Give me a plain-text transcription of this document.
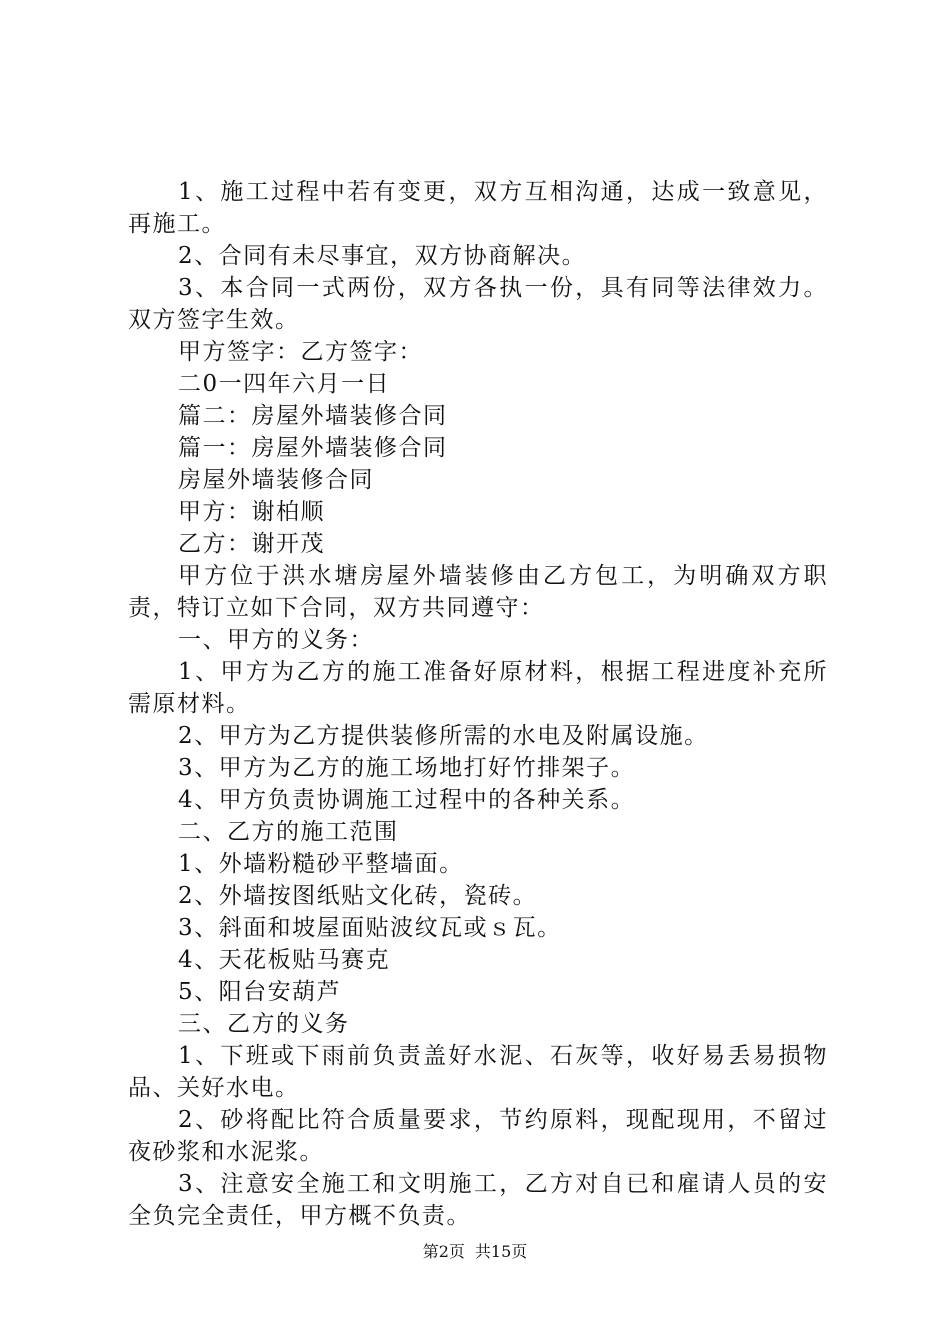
1、施工过程中若有变更，双方互相沟通，达成一致意见，再施工。

2、合同有未尽事宜，双方协商解决。

3、本合同一式两份，双方各执一份，具有同等法律效力。双方签字生效。

甲方签字：乙方签字：

二0一四年六月一日

篇二：房屋外墙装修合同

篇一：房屋外墙装修合同

房屋外墙装修合同

甲方：谢柏顺

乙方：谢开茂

甲方位于洪水塘房屋外墙装修由乙方包工，为明确双方职责，特订立如下合同，双方共同遵守：

一、甲方的义务：

1、甲方为乙方的施工准备好原材料，根据工程进度补充所需原材料。

2、甲方为乙方提供装修所需的水电及附属设施。

3、甲方为乙方的施工场地打好竹排架子。

4、甲方负责协调施工过程中的各种关系。

二、乙方的施工范围

1、外墙粉糙砂平整墙面。

2、外墙按图纸贴文化砖，瓷砖。

3、斜面和坡屋面贴波纹瓦或ｓ瓦。

4、天花板贴马赛克

5、阳台安葫芦

三、乙方的义务

1、下班或下雨前负责盖好水泥、石灰等，收好易丢易损物品、关好水电。

2、砂将配比符合质量要求，节约原料，现配现用，不留过夜砂浆和水泥浆。

3、注意安全施工和文明施工，乙方对自已和雇请人员的安全负完全责任，甲方概不负责。

第2页 共15页
